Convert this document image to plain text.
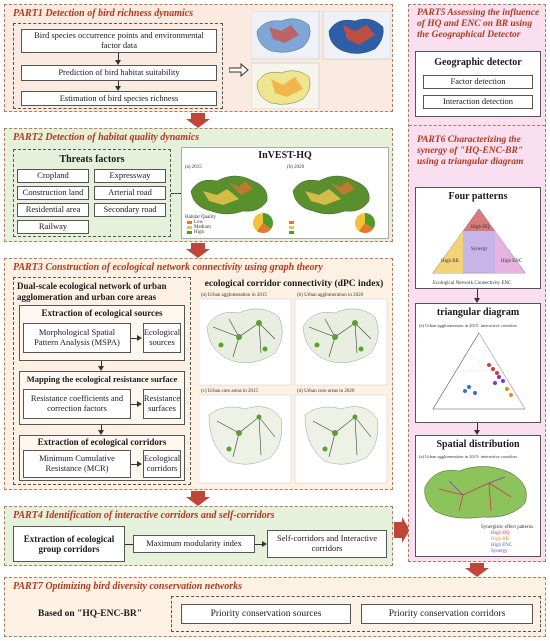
PART1 Detection of bird richness dynamics
Bird species occurrence points and environmental factor data
Prediction of bird habitat suitability
Estimation of bird species richness
PART2 Detection of habitat quality dynamics
Threats factors
Cropland	Expressway
Construction land	Arterial road
Residential area	Secondary road
Railway
InVEST-HQ
(a) 2015	(b) 2020
Habitat Quality
Low
Medium
High
PART3 Construction of ecological network connectivity using graph theory
Dual-scale ecological network of urban agglomeration and urban core areas
Extraction of ecological sources
Morphological Spatial Pattern Analysis (MSPA)
Ecological sources
Mapping the ecological resistance surface
Resistance coefficients and correction factors
Resistance surfaces
Extraction of ecological corridors
Minimum Cumulative Resistance (MCR)
Ecological corridors
ecological corridor connectivity (dPC index)
(a) Urban agglomeration in 2015	(b) Urban agglomeration in 2020
(c) Urban core areas in 2015	(d) Urban core areas in 2020
PART4 Identification of interactive corridors and self-corridors
Extraction of ecological group corridors
Maximum modularity index	Self-corridors and Interactive corridors
PART5 Assessing the influence of HQ and ENC on BR using the Geographical Detector
Geographic detector
Factor detection
Interaction detection
PART6 Characterizing the synergy of "HQ-ENC-BR" using a triangular diagram
Four patterns
High HQ
High BR	High ENC
Synergy
Ecological Network Connectivity ENC
triangular diagram
(a) Urban agglomeration in 2015: interactive corridors
Spatial distribution
(a) Urban agglomeration in 2015: interactive corridors
Synergistic effect patterns
High HQ
High BR
High ENC
Synergy
PART7 Optimizing bird diversity conservation networks
Based on "HQ-ENC-BR"	Priority conservation sources	Priority conservation corridors
